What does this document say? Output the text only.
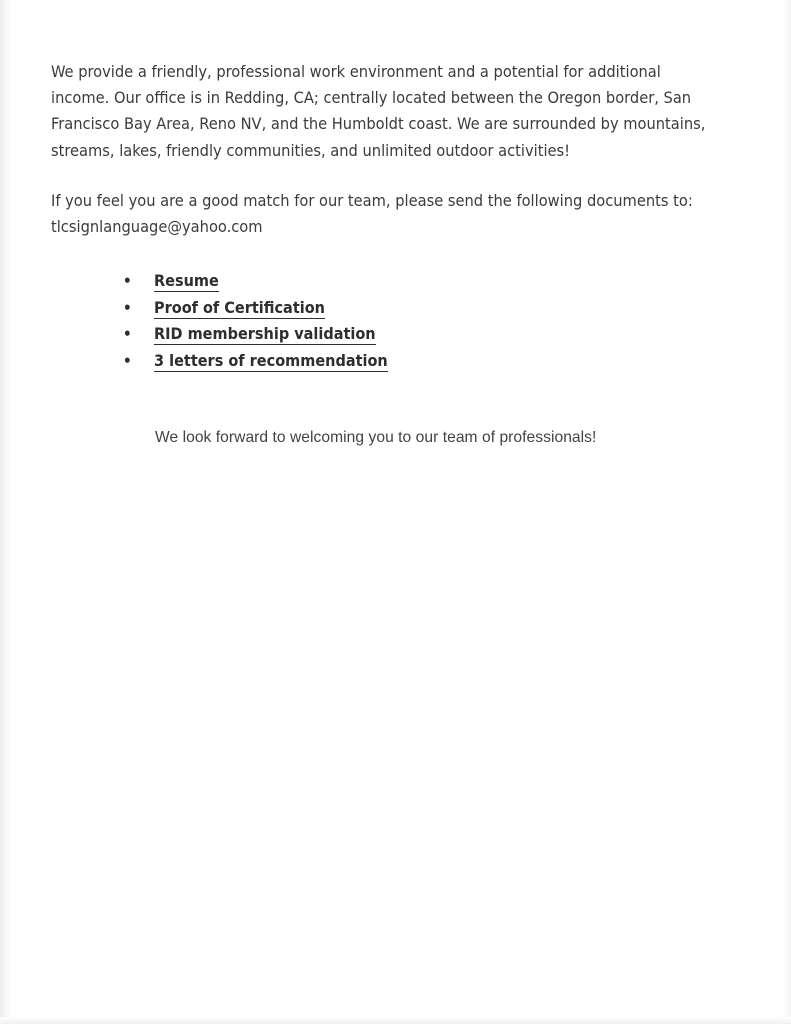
We provide a friendly, professional work environment and a potential for additional income. Our office is in Redding, CA; centrally located between the Oregon border, San Francisco Bay Area, Reno NV, and the Humboldt coast. We are surrounded by mountains, streams, lakes, friendly communities, and unlimited outdoor activities!

If you feel you are a good match for our team, please send the following documents to:
tlcsignlanguage@yahoo.com

• Resume
• Proof of Certification
• RID membership validation
• 3 letters of recommendation
We look forward to welcoming you to our team of professionals!
